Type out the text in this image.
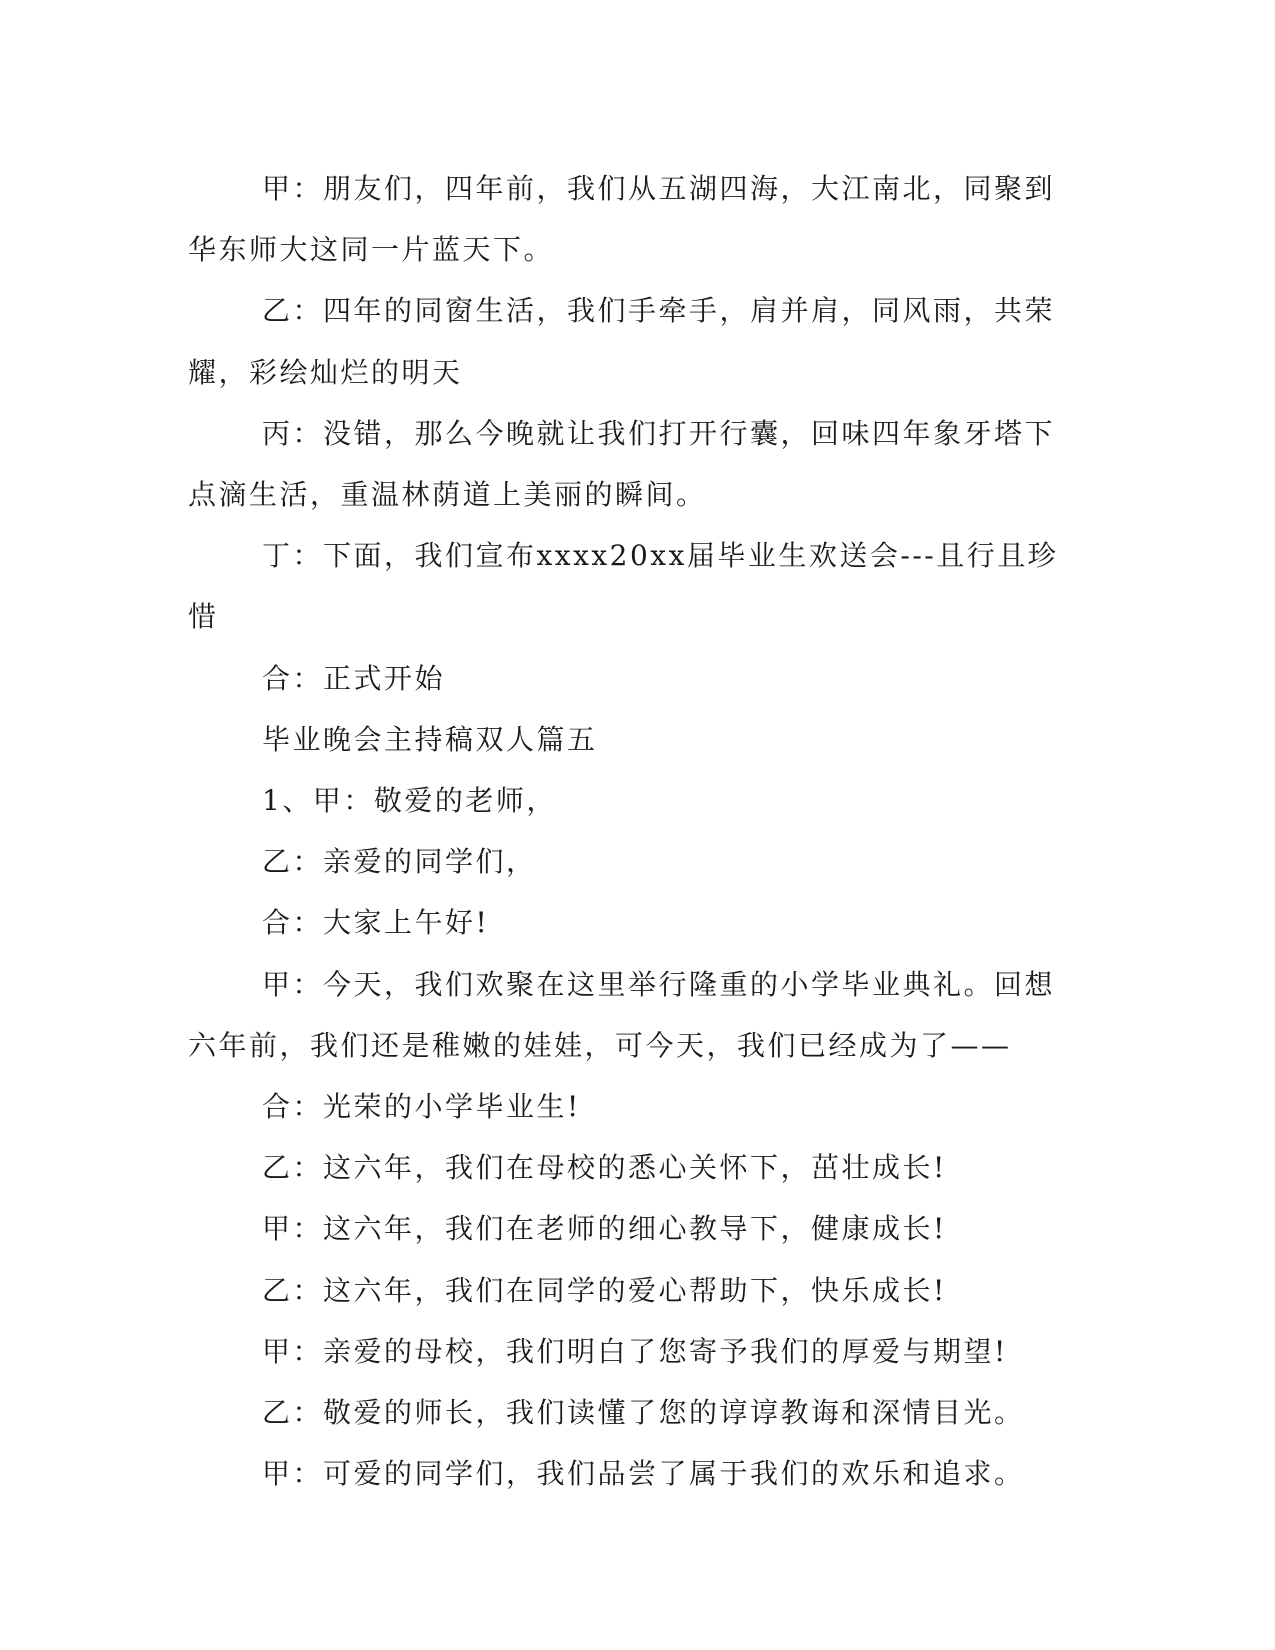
甲：朋友们，四年前，我们从五湖四海，大江南北，同聚到华东师大这同一片蓝天下。

乙：四年的同窗生活，我们手牵手，肩并肩，同风雨，共荣耀，彩绘灿烂的明天

丙：没错，那么今晚就让我们打开行囊，回味四年象牙塔下点滴生活，重温林荫道上美丽的瞬间。

丁：下面，我们宣布xxxx20xx届毕业生欢送会---且行且珍惜

合：正式开始

毕业晚会主持稿双人篇五

1、甲：敬爱的老师，

乙：亲爱的同学们，

合：大家上午好!

甲：今天，我们欢聚在这里举行隆重的小学毕业典礼。回想六年前，我们还是稚嫩的娃娃，可今天，我们已经成为了——

合：光荣的小学毕业生!

乙：这六年，我们在母校的悉心关怀下，茁壮成长!

甲：这六年，我们在老师的细心教导下，健康成长!

乙：这六年，我们在同学的爱心帮助下，快乐成长!

甲：亲爱的母校，我们明白了您寄予我们的厚爱与期望!

乙：敬爱的师长，我们读懂了您的谆谆教诲和深情目光。

甲：可爱的同学们，我们品尝了属于我们的欢乐和追求。
